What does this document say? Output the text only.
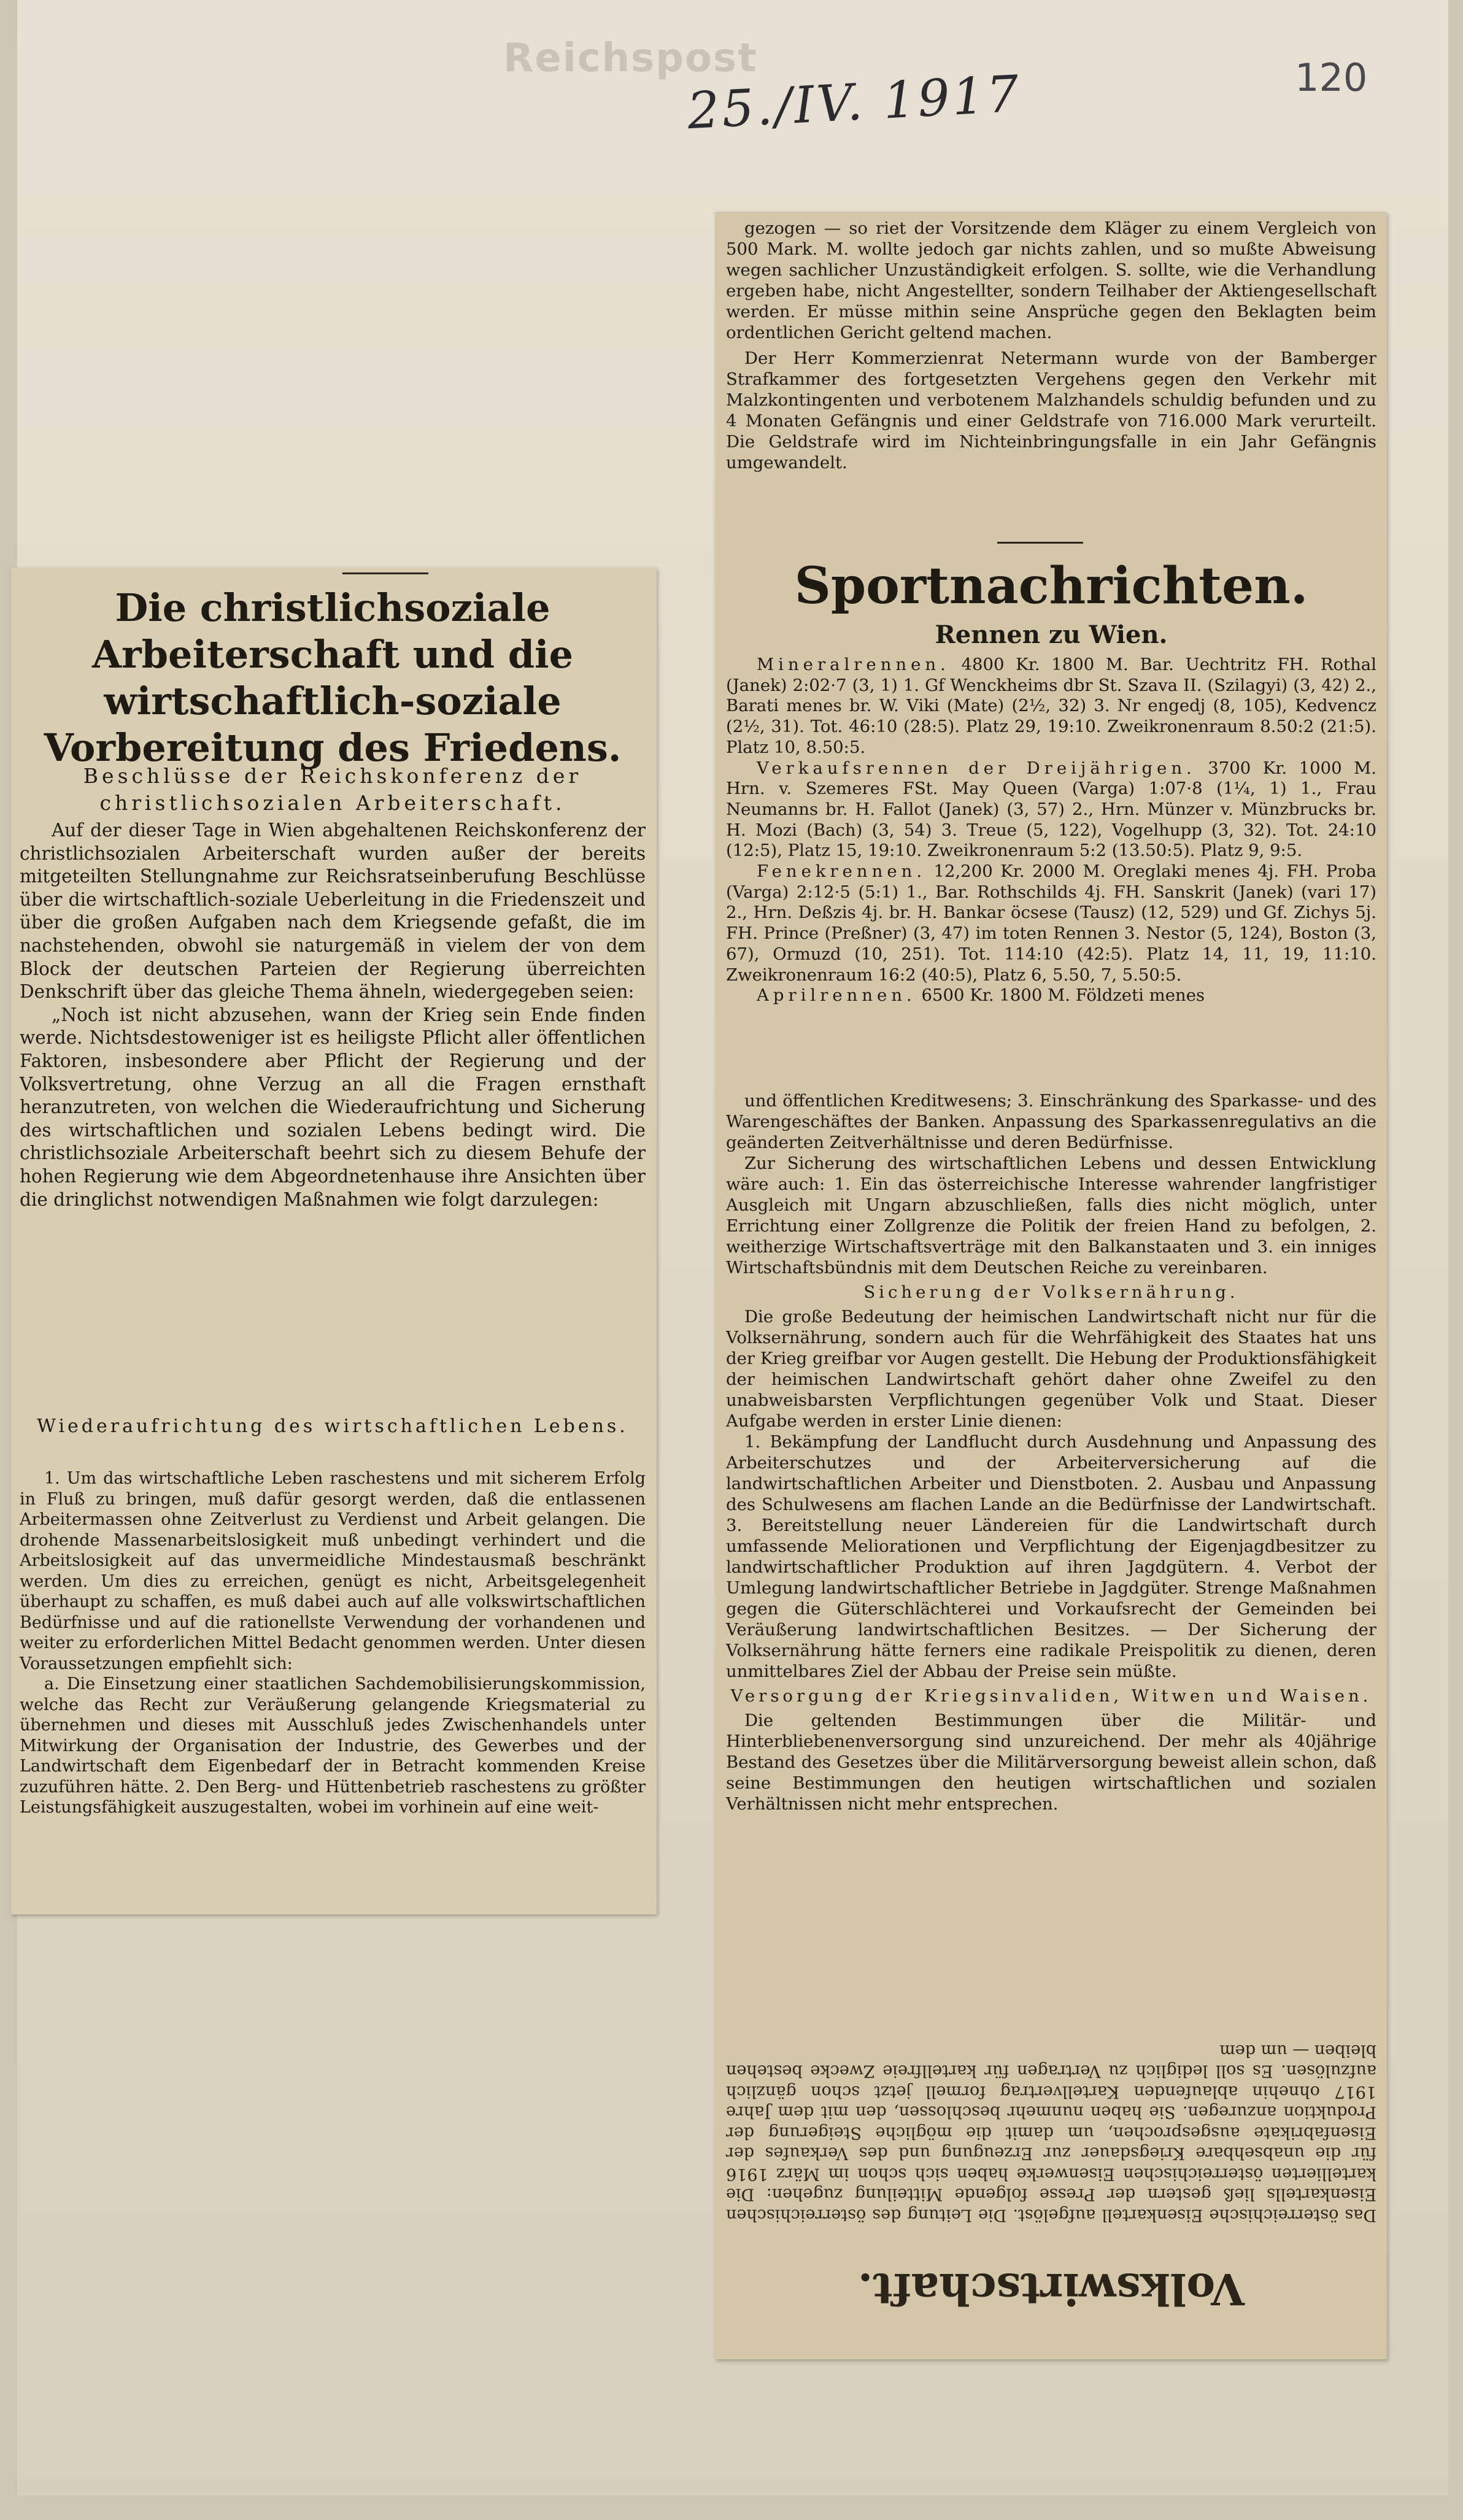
Reichspost
25./IV. 1917	120
Die christlichsoziale Arbeiterschaft und die wirtschaftlich-soziale Vorbereitung des Friedens.
Beschlüsse der Reichskonferenz der christlichsozialen Arbeiterschaft.

Auf der dieser Tage in Wien abgehaltenen Reichskonferenz der christlichsozialen Arbeiterschaft wurden außer der bereits mitgeteilten Stellungnahme zur Reichsratseinberufung Beschlüsse über die wirtschaftlich-soziale Ueberleitung in die Friedenszeit und über die großen Aufgaben nach dem Kriegsende gefaßt, die im nachstehenden, obwohl sie naturgemäß in vielem der von dem Block der deutschen Parteien der Regierung überreichten Denkschrift über das gleiche Thema ähneln, wiedergegeben seien:

„Noch ist nicht abzusehen, wann der Krieg sein Ende finden werde. Nichtsdestoweniger ist es heiligste Pflicht aller öffentlichen Faktoren, insbesondere aber Pflicht der Regierung und der Volksvertretung, ohne Verzug an all die Fragen ernsthaft heranzutreten, von welchen die Wiederaufrichtung und Sicherung des wirtschaftlichen und sozialen Lebens bedingt wird. Die christlichsoziale Arbeiterschaft beehrt sich zu diesem Behufe der hohen Regierung wie dem Abgeordnetenhause ihre Ansichten über die dringlichst notwendigen Maßnahmen wie folgt darzulegen:

Wiederaufrichtung des wirtschaftlichen Lebens.

1. Um das wirtschaftliche Leben raschestens und mit sicherem Erfolg in Fluß zu bringen, muß dafür gesorgt werden, daß die entlassenen Arbeitermassen ohne Zeitverlust zu Verdienst und Arbeit gelangen. Die drohende Massenarbeitslosigkeit muß unbedingt verhindert und die Arbeitslosigkeit auf das unvermeidliche Mindestausmaß beschränkt werden. Um dies zu erreichen, genügt es nicht, Arbeitsgelegenheit überhaupt zu schaffen, es muß dabei auch auf alle volkswirtschaftlichen Bedürfnisse und auf die rationellste Verwendung der vorhandenen und weiter zu erforderlichen Mittel Bedacht genommen werden. Unter diesen Voraussetzungen empfiehlt sich:

a. Die Einsetzung einer staatlichen Sachdemobilisierungskommission, welche das Recht zur Veräußerung gelangende Kriegsmaterial zu übernehmen und dieses mit Ausschluß jedes Zwischenhandels unter Mitwirkung der Organisation der Industrie, des Gewerbes und der Landwirtschaft dem Eigenbedarf der in Betracht kommenden Kreise zuzuführen hätte. 2. Den Berg- und Hüttenbetrieb raschestens zu größter Leistungsfähigkeit auszugestalten, wobei im vorhinein auf eine weit-

gezogen — so riet der Vorsitzende dem Kläger zu einem Vergleich von 500 Mark. M. wollte jedoch gar nichts zahlen, und so mußte Abweisung wegen sachlicher Unzuständigkeit erfolgen. S. sollte, wie die Verhandlung ergeben habe, nicht Angestellter, sondern Teilhaber der Aktiengesellschaft werden. Er müsse mithin seine Ansprüche gegen den Beklagten beim ordentlichen Gericht geltend machen.

Der Herr Kommerzienrat Netermann wurde von der Bamberger Strafkammer des fortgesetzten Vergehens gegen den Verkehr mit Malzkontingenten und verbotenem Malzhandels schuldig befunden und zu 4 Monaten Gefängnis und einer Geldstrafe von 716.000 Mark verurteilt. Die Geldstrafe wird im Nichteinbringungsfalle in ein Jahr Gefängnis umgewandelt.

Sportnachrichten.
Rennen zu Wien.

Mineralrennen. 4800 Kr. 1800 M. Bar. Uechtritz FH. Rothal (Janek) 2:02·7 (3, 1) 1. Gf Wenckheims dbr St. Szava II. (Szilagyi) (3, 42) 2., Barati menes br. W. Viki (Mate) (2½, 32) 3. Nr engedj (8, 105), Kedvencz (2½, 31). Tot. 46:10 (28:5). Platz 29, 19:10. Zweikronenraum 8.50:2 (21:5). Platz 10, 8.50:5.

Verkaufsrennen der Dreijährigen. 3700 Kr. 1000 M. Hrn. v. Szemeres FSt. May Queen (Varga) 1:07·8 (1¼, 1) 1., Frau Neumanns br. H. Fallot (Janek) (3, 57) 2., Hrn. Münzer v. Münzbrucks br. H. Mozi (Bach) (3, 54) 3. Treue (5, 122), Vogelhupp (3, 32). Tot. 24:10 (12:5), Platz 15, 19:10. Zweikronenraum 5:2 (13.50:5). Platz 9, 9:5.

Fenekrennen. 12,200 Kr. 2000 M. Oreglaki menes 4j. FH. Proba (Varga) 2:12·5 (5:1) 1., Bar. Rothschilds 4j. FH. Sanskrit (Janek) (vari 17) 2., Hrn. Deßzis 4j. br. H. Bankar öcsese (Tausz) (12, 529) und Gf. Zichys 5j. FH. Prince (Preßner) (3, 47) im toten Rennen 3. Nestor (5, 124), Boston (3, 67), Ormuzd (10, 251). Tot. 114:10 (42:5). Platz 14, 11, 19, 11:10. Zweikronenraum 16:2 (40:5), Platz 6, 5.50, 7, 5.50:5.

Aprilrennen. 6500 Kr. 1800 M. Földzeti menes

und öffentlichen Kreditwesens; 3. Einschränkung des Sparkasse- und des Warengeschäftes der Banken. Anpassung des Sparkassenregulativs an die geänderten Zeitverhältnisse und deren Bedürfnisse.

Zur Sicherung des wirtschaftlichen Lebens und dessen Entwicklung wäre auch: 1. Ein das österreichische Interesse wahrender langfristiger Ausgleich mit Ungarn abzuschließen, falls dies nicht möglich, unter Errichtung einer Zollgrenze die Politik der freien Hand zu befolgen, 2. weitherzige Wirtschaftsverträge mit den Balkanstaaten und 3. ein inniges Wirtschaftsbündnis mit dem Deutschen Reiche zu vereinbaren.

Sicherung der Volksernährung.

Die große Bedeutung der heimischen Landwirtschaft nicht nur für die Volksernährung, sondern auch für die Wehrfähigkeit des Staates hat uns der Krieg greifbar vor Augen gestellt. Die Hebung der Produktionsfähigkeit der heimischen Landwirtschaft gehört daher ohne Zweifel zu den unabweisbarsten Verpflichtungen gegenüber Volk und Staat. Dieser Aufgabe werden in erster Linie dienen:

1. Bekämpfung der Landflucht durch Ausdehnung und Anpassung des Arbeiterschutzes und der Arbeiterversicherung auf die landwirtschaftlichen Arbeiter und Dienstboten. 2. Ausbau und Anpassung des Schulwesens am flachen Lande an die Bedürfnisse der Landwirtschaft. 3. Bereitstellung neuer Ländereien für die Landwirtschaft durch umfassende Meliorationen und Verpflichtung der Eigenjagdbesitzer zu landwirtschaftlicher Produktion auf ihren Jagdgütern. 4. Verbot der Umlegung landwirtschaftlicher Betriebe in Jagdgüter. Strenge Maßnahmen gegen die Güterschlächterei und Vorkaufsrecht der Gemeinden bei Veräußerung landwirtschaftlichen Besitzes. — Der Sicherung der Volksernährung hätte ferners eine radikale Preispolitik zu dienen, deren unmittelbares Ziel der Abbau der Preise sein müßte.

Versorgung der Kriegsinvaliden, Witwen und Waisen.

Die geltenden Bestimmungen über die Militär- und Hinterbliebenenversorgung sind unzureichend. Der mehr als 40jährige Bestand des Gesetzes über die Militärversorgung beweist allein schon, daß seine Bestimmungen den heutigen wirtschaftlichen und sozialen Verhältnissen nicht mehr entsprechen.

Das österreichische Eisenkartell aufgelöst. Die Leitung des österreichischen Eisenkartells ließ gestern der Presse folgende Mitteilung zugehen: Die kartellierten österreichischen Eisenwerke haben sich schon im März 1916 für die unabsehbare Kriegsdauer zur Erzeugung und des Verkaufes der Eisenfabrikate ausgesprochen, um damit die mögliche Steigerung der Produktion anzuregen. Sie haben nunmehr beschlossen, den mit dem Jahre 1917 ohnehin ablaufenden Kartellvertrag formell jetzt schon gänzlich aufzulösen. Es soll lediglich zu Vertragen für kartellfreie Zwecke bestehen bleiben — um dem
Volkswirtschaft.
